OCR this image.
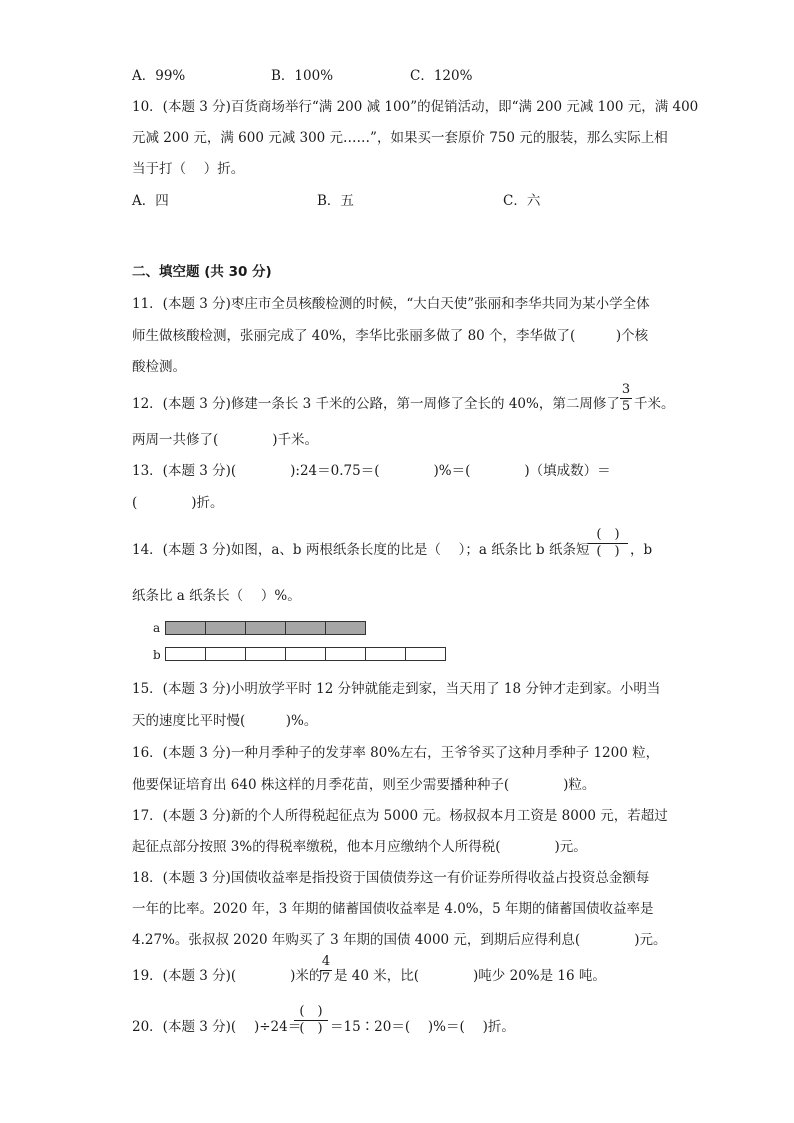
A．99%	B．100%	C．120%
10．(本题 3 分)百货商场举行“满 200 减 100”的促销活动，即“满 200 元减 100 元，满 400
元减 200 元，满 600 元减 300 元……”，如果买一套原价 750 元的服装，那么实际上相
当于打（　 ）折。
A．四	B．五	C．六
二、填空题 (共 30 分)
11．(本题 3 分)枣庄市全员核酸检测的时候，“大白天使”张丽和李华共同为某小学全体
师生做核酸检测，张丽完成了 40%，李华比张丽多做了 80 个，李华做了(　　　)个核
酸检测。
12．(本题 3 分)修建一条长 3 千米的公路，第一周修了全长的 40%，第二周修了
3
5 千米。
两周一共修了(　　　　)千米。
13．(本题 3 分)(　　　　):24＝0.75＝(　　　　)%＝(　　　　)（填成数）＝
(　　　　)折。
14．(本题 3 分)如图，a、b 两根纸条长度的比是（　 ）；a 纸条比 b 纸条短
(　)
(　) ，b
纸条比 a 纸条长（　 ）%。
a
b
15．(本题 3 分)小明放学平时 12 分钟就能走到家，当天用了 18 分钟才走到家。小明当
天的速度比平时慢(　　　)%。
16．(本题 3 分)一种月季种子的发芽率 80%左右，王爷爷买了这种月季种子 1200 粒，
他要保证培育出 640 株这样的月季花苗，则至少需要播种种子(　　　　)粒。
17．(本题 3 分)新的个人所得税起征点为 5000 元。杨叔叔本月工资是 8000 元，若超过
起征点部分按照 3%的得税率缴税，他本月应缴纳个人所得税(　　　　)元。
18．(本题 3 分)国债收益率是指投资于国债债券这一有价证券所得收益占投资总金额每
一年的比率。2020 年，3 年期的储蓄国债收益率是 4.0%，5 年期的储蓄国债收益率是
4.27%。张叔叔 2020 年购买了 3 年期的国债 4000 元，到期后应得利息(　　　　)元。
19．(本题 3 分)(　　　　)米的
4
7 是 40 米，比(　　　　)吨少 20%是 16 吨。
20．(本题 3 分)(　 )÷24＝
(　)
(　) ＝15∶20＝(　 )%＝(　 )折。
